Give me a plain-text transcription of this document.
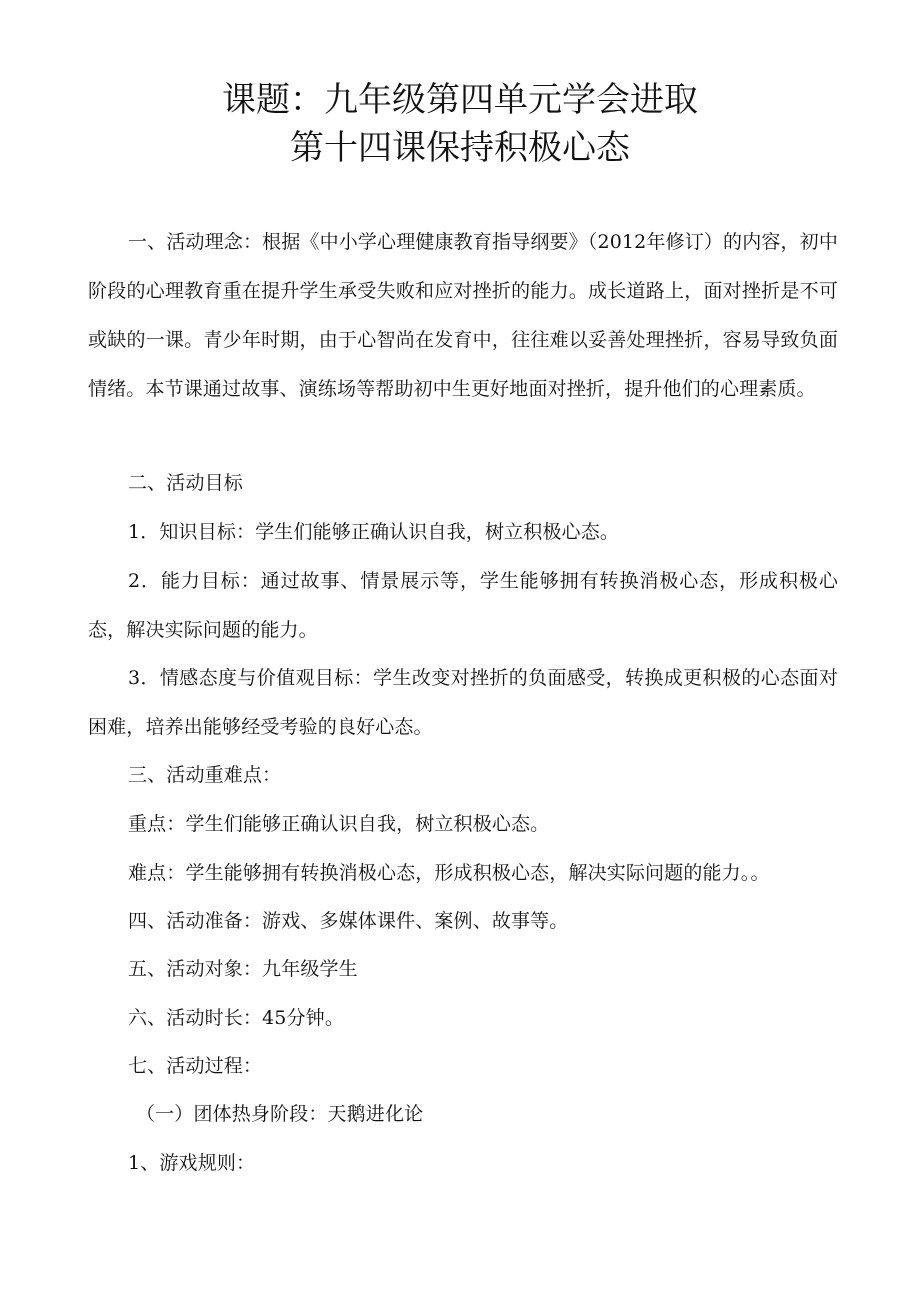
课题：九年级第四单元学会进取
第十四课保持积极心态
一、活动理念：根据《中小学心理健康教育指导纲要》（2012年修订）的内容，初中阶段的心理教育重在提升学生承受失败和应对挫折的能力。成长道路上，面对挫折是不可或缺的一课。青少年时期，由于心智尚在发育中，往往难以妥善处理挫折，容易导致负面情绪。本节课通过故事、演练场等帮助初中生更好地面对挫折，提升他们的心理素质。
二、活动目标
1．知识目标：学生们能够正确认识自我，树立积极心态。
2．能力目标：通过故事、情景展示等，学生能够拥有转换消极心态，形成积极心态，解决实际问题的能力。
3．情感态度与价值观目标：学生改变对挫折的负面感受，转换成更积极的心态面对困难，培养出能够经受考验的良好心态。
三、活动重难点：
重点：学生们能够正确认识自我，树立积极心态。
难点：学生能够拥有转换消极心态，形成积极心态，解决实际问题的能力。。
四、活动准备：游戏、多媒体课件、案例、故事等。
五、活动对象：九年级学生
六、活动时长：45分钟。
七、活动过程：
（一）团体热身阶段：天鹅进化论
1、游戏规则：
